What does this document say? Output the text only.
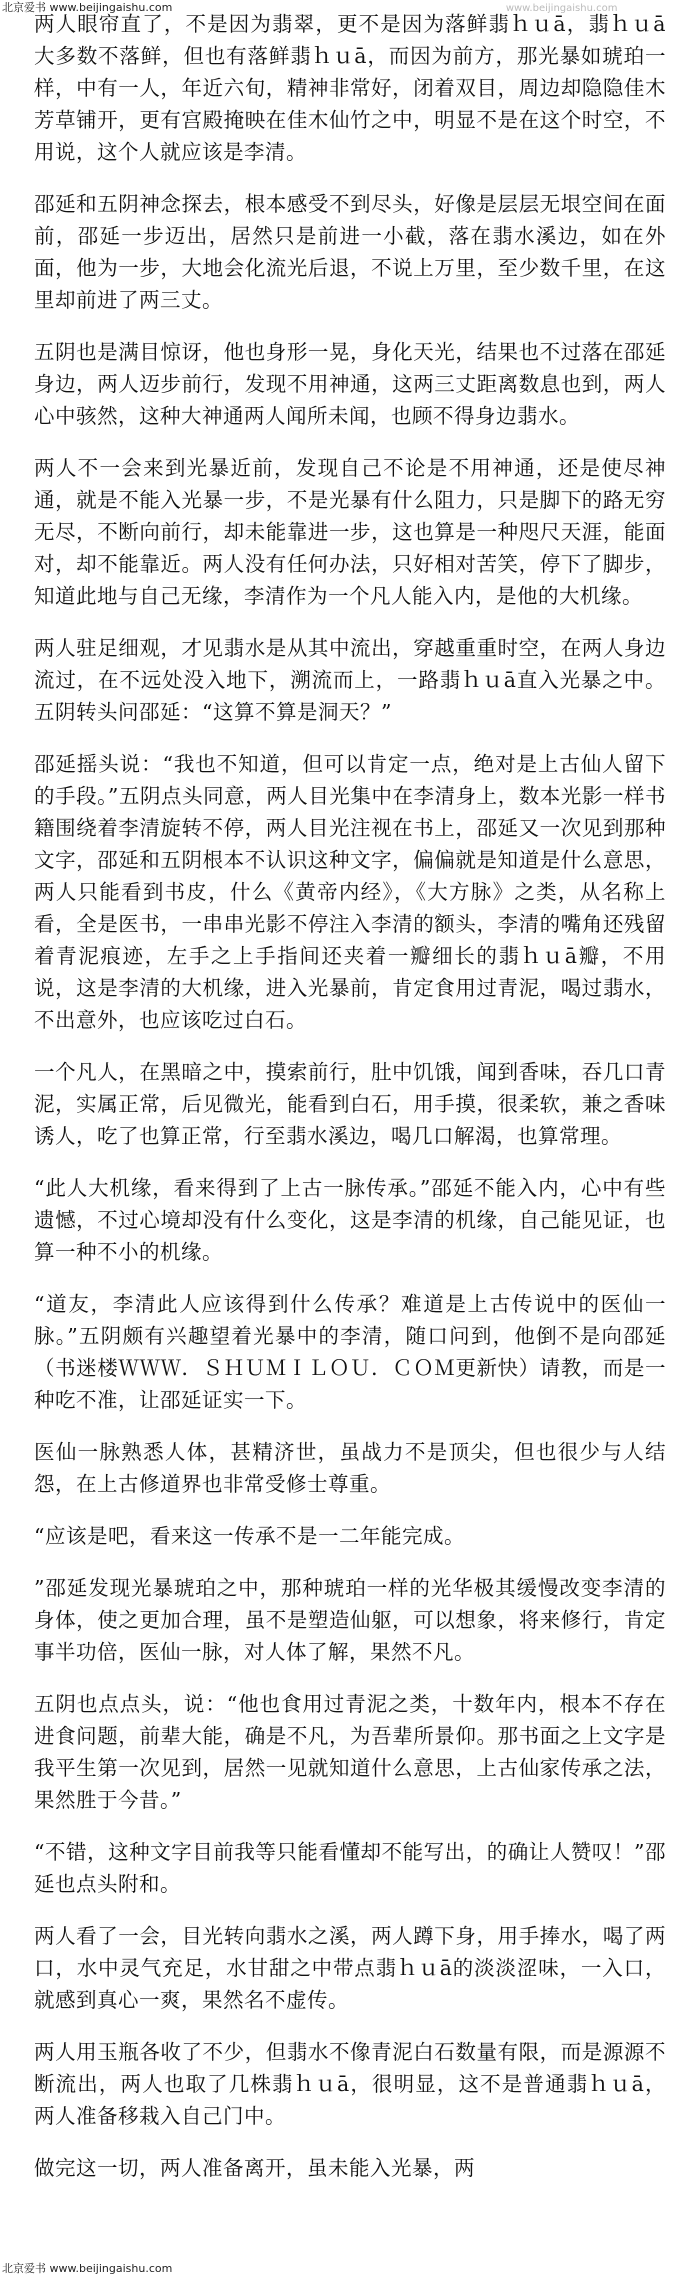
北京爱书 www.beijingaishu.com	www.beijingaishu.com

两人眼帘直了，不是因为翡翠，更不是因为落鲜翡ｈｕā，翡ｈｕā大多数不落鲜，但也有落鲜翡ｈｕā，而因为前方，那光暴如琥珀一样，中有一人，年近六旬，精神非常好，闭着双目，周边却隐隐佳木芳草铺开，更有宫殿掩映在佳木仙竹之中，明显不是在这个时空，不用说，这个人就应该是李清。

邵延和五阴神念探去，根本感受不到尽头，好像是层层无垠空间在面前，邵延一步迈出，居然只是前进一小截，落在翡水溪边，如在外面，他为一步，大地会化流光后退，不说上万里，至少数千里，在这里却前进了两三丈。

五阴也是满目惊讶，他也身形一晃，身化天光，结果也不过落在邵延身边，两人迈步前行，发现不用神通，这两三丈距离数息也到，两人心中骇然，这种大神通两人闻所未闻，也顾不得身边翡水。

两人不一会来到光暴近前，发现自己不论是不用神通，还是使尽神通，就是不能入光暴一步，不是光暴有什么阻力，只是脚下的路无穷无尽，不断向前行，却未能靠进一步，这也算是一种咫尺天涯，能面对，却不能靠近。两人没有任何办法，只好相对苦笑，停下了脚步，知道此地与自己无缘，李清作为一个凡人能入内，是他的大机缘。

两人驻足细观，才见翡水是从其中流出，穿越重重时空，在两人身边流过，在不远处没入地下，溯流而上，一路翡ｈｕā直入光暴之中。五阴转头问邵延：“这算不算是洞天？”

邵延摇头说：“我也不知道，但可以肯定一点，绝对是上古仙人留下的手段。”五阴点头同意，两人目光集中在李清身上，数本光影一样书籍围绕着李清旋转不停，两人目光注视在书上，邵延又一次见到那种文字，邵延和五阴根本不认识这种文字，偏偏就是知道是什么意思，两人只能看到书皮，什么《黄帝内经》，《大方脉》之类，从名称上看，全是医书，一串串光影不停注入李清的额头，李清的嘴角还残留着青泥痕迹，左手之上手指间还夹着一瓣细长的翡ｈｕā瓣，不用说，这是李清的大机缘，进入光暴前，肯定食用过青泥，喝过翡水，不出意外，也应该吃过白石。

一个凡人，在黑暗之中，摸索前行，肚中饥饿，闻到香味，吞几口青泥，实属正常，后见微光，能看到白石，用手摸，很柔软，兼之香味诱人，吃了也算正常，行至翡水溪边，喝几口解渴，也算常理。

“此人大机缘，看来得到了上古一脉传承。”邵延不能入内，心中有些遗憾，不过心境却没有什么变化，这是李清的机缘，自己能见证，也算一种不小的机缘。

“道友，李清此人应该得到什么传承？难道是上古传说中的医仙一脉。”五阴颇有兴趣望着光暴中的李清，随口问到，他倒不是向邵延（书迷楼ＷＷＷ．ＳＨＵＭＩＬＯＵ．ＣＯＭ更新快）请教，而是一种吃不准，让邵延证实一下。

医仙一脉熟悉人体，甚精济世，虽战力不是顶尖，但也很少与人结怨，在上古修道界也非常受修士尊重。

“应该是吧，看来这一传承不是一二年能完成。

”邵延发现光暴琥珀之中，那种琥珀一样的光华极其缓慢改变李清的身体，使之更加合理，虽不是塑造仙躯，可以想象，将来修行，肯定事半功倍，医仙一脉，对人体了解，果然不凡。

五阴也点点头，说：“他也食用过青泥之类，十数年内，根本不存在进食问题，前辈大能，确是不凡，为吾辈所景仰。那书面之上文字是我平生第一次见到，居然一见就知道什么意思，上古仙家传承之法，果然胜于今昔。”

“不错，这种文字目前我等只能看懂却不能写出，的确让人赞叹！”邵延也点头附和。

两人看了一会，目光转向翡水之溪，两人蹲下身，用手捧水，喝了两口，水中灵气充足，水甘甜之中带点翡ｈｕā的淡淡涩味，一入口，就感到真心一爽，果然名不虚传。

两人用玉瓶各收了不少，但翡水不像青泥白石数量有限，而是源源不断流出，两人也取了几株翡ｈｕā，很明显，这不是普通翡ｈｕā，两人准备移栽入自己门中。

做完这一切，两人准备离开，虽未能入光暴，两

北京爱书 www.beijingaishu.com
